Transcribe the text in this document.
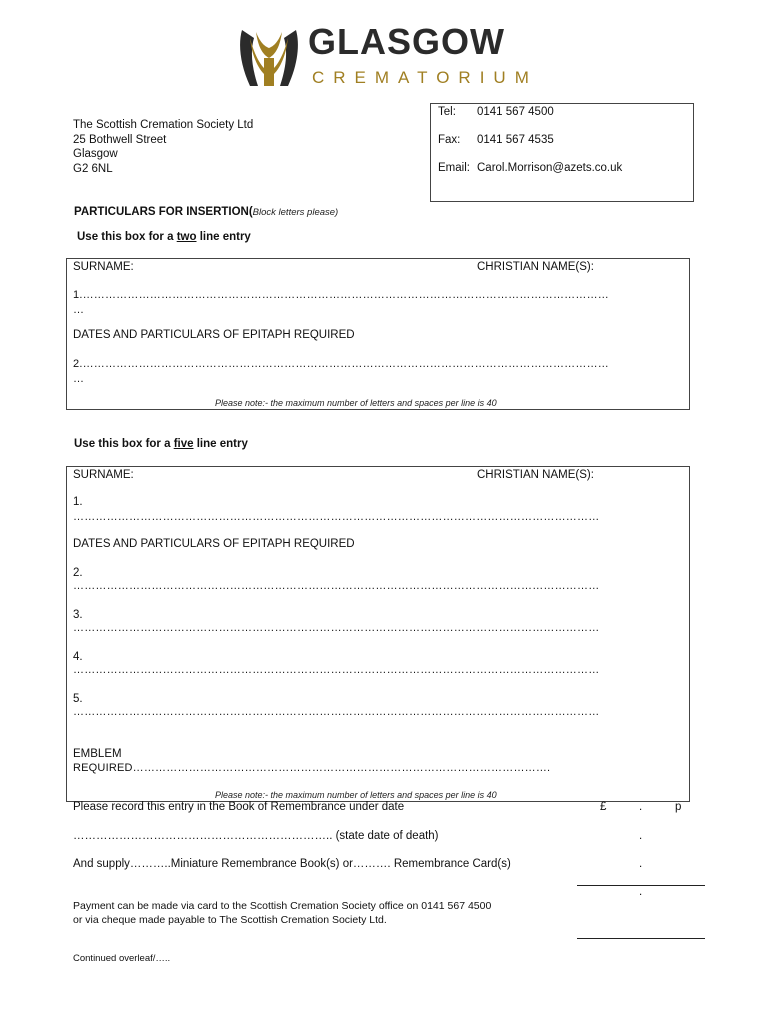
GLASGOW
CREMATORIUM
The Scottish Cremation Society Ltd
25 Bothwell Street
Glasgow
G2 6NL
Tel: 0141 567 4500
Fax: 0141 567 4535
Email: Carol.Morrison@azets.co.uk
PARTICULARS FOR INSERTION(Block letters please)
Use this box for a two line entry
SURNAME:	CHRISTIAN NAME(S):
1.……………………………………………………………………………………………………………………………
…
DATES AND PARTICULARS OF EPITAPH REQUIRED
2.……………………………………………………………………………………………………………………………
…
Please note:- the maximum number of letters and spaces per line is 40
Use this box for a five line entry
SURNAME:	CHRISTIAN NAME(S):
1.
……………………………………………………………………………………………………………………………
DATES AND PARTICULARS OF EPITAPH REQUIRED
2.
……………………………………………………………………………………………………………………………
3.
……………………………………………………………………………………………………………………………
4.
……………………………………………………………………………………………………………………………
5.
……………………………………………………………………………………………………………………………
EMBLEM
REQUIRED………………………………………………………………………………………………….
Please note:- the maximum number of letters and spaces per line is 40
Please record this entry in the Book of Remembrance under date	£	.	p
………………………………………………………….. (state date of death)	.
And supply………..Miniature Remembrance Book(s) or………. Remembrance Card(s)	.
.
Payment can be made via card to the Scottish Cremation Society office on 0141 567 4500
or via cheque made payable to The Scottish Cremation Society Ltd.
Continued overleaf/…..
